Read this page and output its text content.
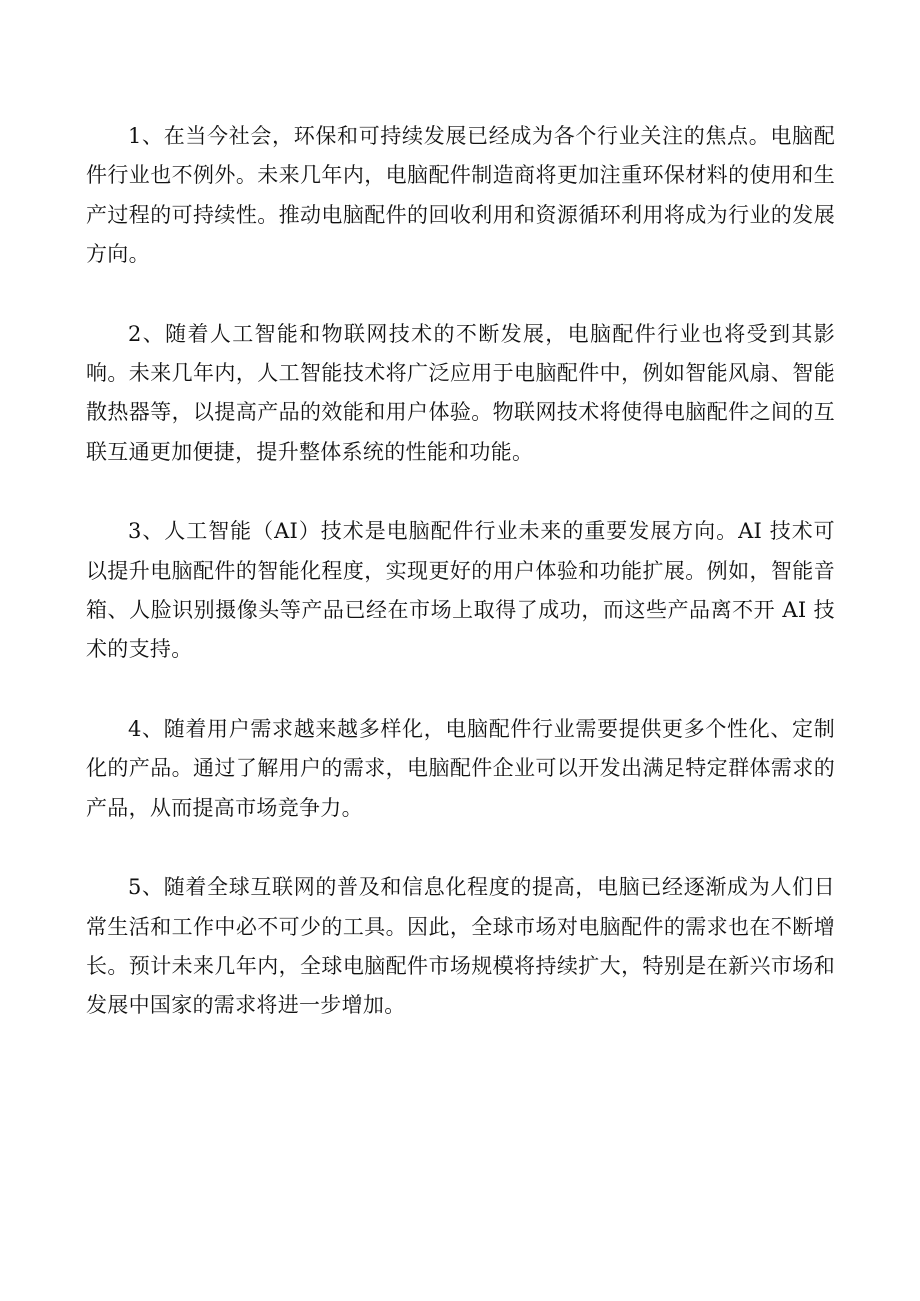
1、在当今社会，环保和可持续发展已经成为各个行业关注的焦点。电脑配件行业也不例外。未来几年内，电脑配件制造商将更加注重环保材料的使用和生产过程的可持续性。推动电脑配件的回收利用和资源循环利用将成为行业的发展方向。

2、随着人工智能和物联网技术的不断发展，电脑配件行业也将受到其影响。未来几年内，人工智能技术将广泛应用于电脑配件中，例如智能风扇、智能散热器等，以提高产品的效能和用户体验。物联网技术将使得电脑配件之间的互联互通更加便捷，提升整体系统的性能和功能。

3、人工智能（AI）技术是电脑配件行业未来的重要发展方向。AI 技术可以提升电脑配件的智能化程度，实现更好的用户体验和功能扩展。例如，智能音箱、人脸识别摄像头等产品已经在市场上取得了成功，而这些产品离不开 AI 技术的支持。

4、随着用户需求越来越多样化，电脑配件行业需要提供更多个性化、定制化的产品。通过了解用户的需求，电脑配件企业可以开发出满足特定群体需求的产品，从而提高市场竞争力。

5、随着全球互联网的普及和信息化程度的提高，电脑已经逐渐成为人们日常生活和工作中必不可少的工具。因此，全球市场对电脑配件的需求也在不断增长。预计未来几年内，全球电脑配件市场规模将持续扩大，特别是在新兴市场和发展中国家的需求将进一步增加。
